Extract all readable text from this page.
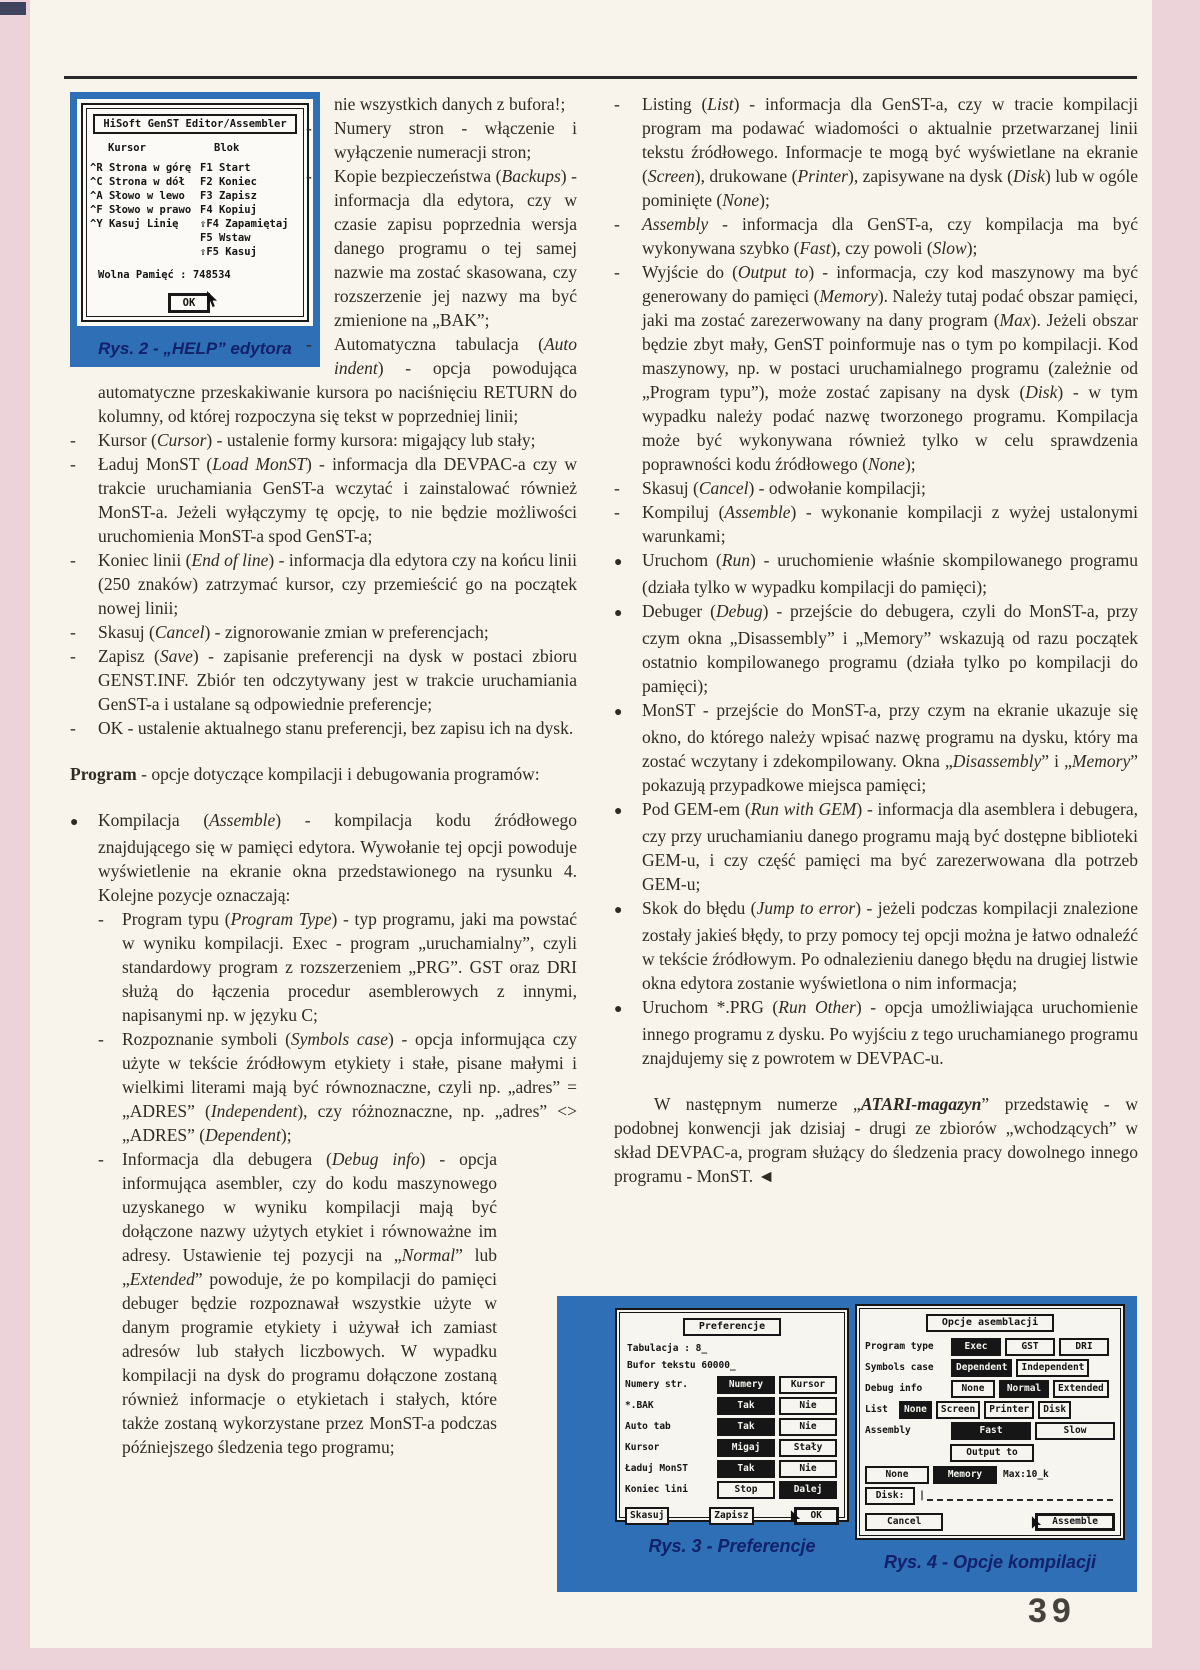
HiSoft GenST Editor/Assembler
Kursor	Blok
^R Strona w górę
^C Strona w dół
^A Słowo w lewo
^F Słowo w prawo
^Y Kasuj Linię
F1 Start
F2 Koniec
F3 Zapisz
F4 Kopiuj
⇧F4 Zapamiętaj
F5 Wstaw
⇧F5 Kasuj
Wolna Pamięć : 748534
OK
Rys. 2 - „HELP” edytora
nie wszystkich danych z bufora!;
- Numery stron - włączenie i wyłączenie numeracji stron;
- Kopie bezpieczeństwa (Backups) - informacja dla edytora, czy w czasie zapisu poprzednia wersja danego programu o tej samej nazwie ma zostać skasowana, czy rozszerzenie jej nazwy ma być zmienione na „BAK”;
- Automatyczna tabulacja (Auto indent) - opcja powodująca automatyczne przeskakiwanie kursora po naciśnięciu RETURN do kolumny, od której rozpoczyna się tekst w poprzedniej linii;
- Kursor (Cursor) - ustalenie formy kursora: migający lub stały;
- Ładuj MonST (Load MonST) - informacja dla DEVPAC-a czy w trakcie uruchamiania GenST-a wczytać i zainstalować również MonST-a. Jeżeli wyłączymy tę opcję, to nie będzie możliwości uruchomienia MonST-a spod GenST-a;
- Koniec linii (End of line) - informacja dla edytora czy na końcu linii (250 znaków) zatrzymać kursor, czy przemieścić go na początek nowej linii;
- Skasuj (Cancel) - zignorowanie zmian w preferencjach;
- Zapisz (Save) - zapisanie preferencji na dysk w postaci zbioru GENST.INF. Zbiór ten odczytywany jest w trakcie uruchamiania GenST-a i ustalane są odpowiednie preferencje;
- OK - ustalenie aktualnego stanu preferencji, bez zapisu ich na dysk.
Program - opcje dotyczące kompilacji i debugowania programów:
● Kompilacja (Assemble) - kompilacja kodu źródłowego znajdującego się w pamięci edytora. Wywołanie tej opcji powoduje wyświetlenie na ekranie okna przedstawionego na rysunku 4. Kolejne pozycje oznaczają:
- Program typu (Program Type) - typ programu, jaki ma powstać w wyniku kompilacji. Exec - program „uruchamialny”, czyli standardowy program z rozszerzeniem „PRG”. GST oraz DRI służą do łączenia procedur asemblerowych z innymi, napisanymi np. w języku C;
- Rozpoznanie symboli (Symbols case) - opcja informująca czy użyte w tekście źródłowym etykiety i stałe, pisane małymi i wielkimi literami mają być równoznaczne, czyli np. „adres” = „ADRES” (Independent), czy różnoznaczne, np. „adres” <> „ADRES” (Dependent);
- Informacja dla debugera (Debug info) - opcja informująca asembler, czy do kodu maszynowego uzyskanego w wyniku kompilacji mają być dołączone nazwy użytych etykiet i równoważne im adresy. Ustawienie tej pozycji na „Normal” lub „Extended” powoduje, że po kompilacji do pamięci debuger będzie rozpoznawał wszystkie użyte w danym programie etykiety i używał ich zamiast adresów lub stałych liczbowych. W wypadku kompilacji na dysk do programu dołączone zostaną również informacje o etykietach i stałych, które także zostaną wykorzystane przez MonST-a podczas późniejszego śledzenia tego programu;
- Listing (List) - informacja dla GenST-a, czy w tracie kompilacji program ma podawać wiadomości o aktualnie przetwarzanej linii tekstu źródłowego. Informacje te mogą być wyświetlane na ekranie (Screen), drukowane (Printer), zapisywane na dysk (Disk) lub w ogóle pominięte (None);
- Assembly - informacja dla GenST-a, czy kompilacja ma być wykonywana szybko (Fast), czy powoli (Slow);
- Wyjście do (Output to) - informacja, czy kod maszynowy ma być generowany do pamięci (Memory). Należy tutaj podać obszar pamięci, jaki ma zostać zarezerwowany na dany program (Max). Jeżeli obszar będzie zbyt mały, GenST poinformuje nas o tym po kompilacji. Kod maszynowy, np. w postaci uruchamialnego programu (zależnie od „Program typu”), może zostać zapisany na dysk (Disk) - w tym wypadku należy podać nazwę tworzonego programu. Kompilacja może być wykonywana również tylko w celu sprawdzenia poprawności kodu źródłowego (None);
- Skasuj (Cancel) - odwołanie kompilacji;
- Kompiluj (Assemble) - wykonanie kompilacji z wyżej ustalonymi warunkami;
● Uruchom (Run) - uruchomienie właśnie skompilowanego programu (działa tylko w wypadku kompilacji do pamięci);
● Debuger (Debug) - przejście do debugera, czyli do MonST-a, przy czym okna „Disassembly” i „Memory” wskazują od razu początek ostatnio kompilowanego programu (działa tylko po kompilacji do pamięci);
● MonST - przejście do MonST-a, przy czym na ekranie ukazuje się okno, do którego należy wpisać nazwę programu na dysku, który ma zostać wczytany i zdekompilowany. Okna „Disassembly” i „Memory” pokazują przypadkowe miejsca pamięci;
● Pod GEM-em (Run with GEM) - informacja dla asemblera i debugera, czy przy uruchamianiu danego programu mają być dostępne biblioteki GEM-u, i czy część pamięci ma być zarezerwowana dla potrzeb GEM-u;
● Skok do błędu (Jump to error) - jeżeli podczas kompilacji znalezione zostały jakieś błędy, to przy pomocy tej opcji można je łatwo odnaleźć w tekście źródłowym. Po odnalezieniu danego błędu na drugiej listwie okna edytora zostanie wyświetlona o nim informacja;
● Uruchom *.PRG (Run Other) - opcja umożliwiająca uruchomienie innego programu z dysku. Po wyjściu z tego uruchamianego programu znajdujemy się z powrotem w DEVPAC-u.
W następnym numerze „ATARI-magazyn” przedstawię - w podobnej konwencji jak dzisiaj - drugi ze zbiorów „wchodzących” w skład DEVPAC-a, program służący do śledzenia pracy dowolnego innego programu - MonST. ◄
Preferencje
Tabulacja : 8_
Bufor tekstu 60000_
Numery str.	Numery	Kursor
*.BAK	Tak	Nie
Auto tab	Tak	Nie
Kursor	Migaj	Stały
Ładuj MonST	Tak	Nie
Koniec lini	Stop	Dalej
Skasuj	Zapisz	OK
Rys. 3 - Preferencje
Opcje asemblacji
Program type	Exec	GST	DRI
Symbols case	Dependent	Independent
Debug info	None	Normal	Extended
List	None	Screen	Printer	Disk
Assembly	Fast	Slow
Output to
None	Memory	Max:10_k
Disk:	|
Cancel	Assemble
Rys. 4 - Opcje kompilacji
39
